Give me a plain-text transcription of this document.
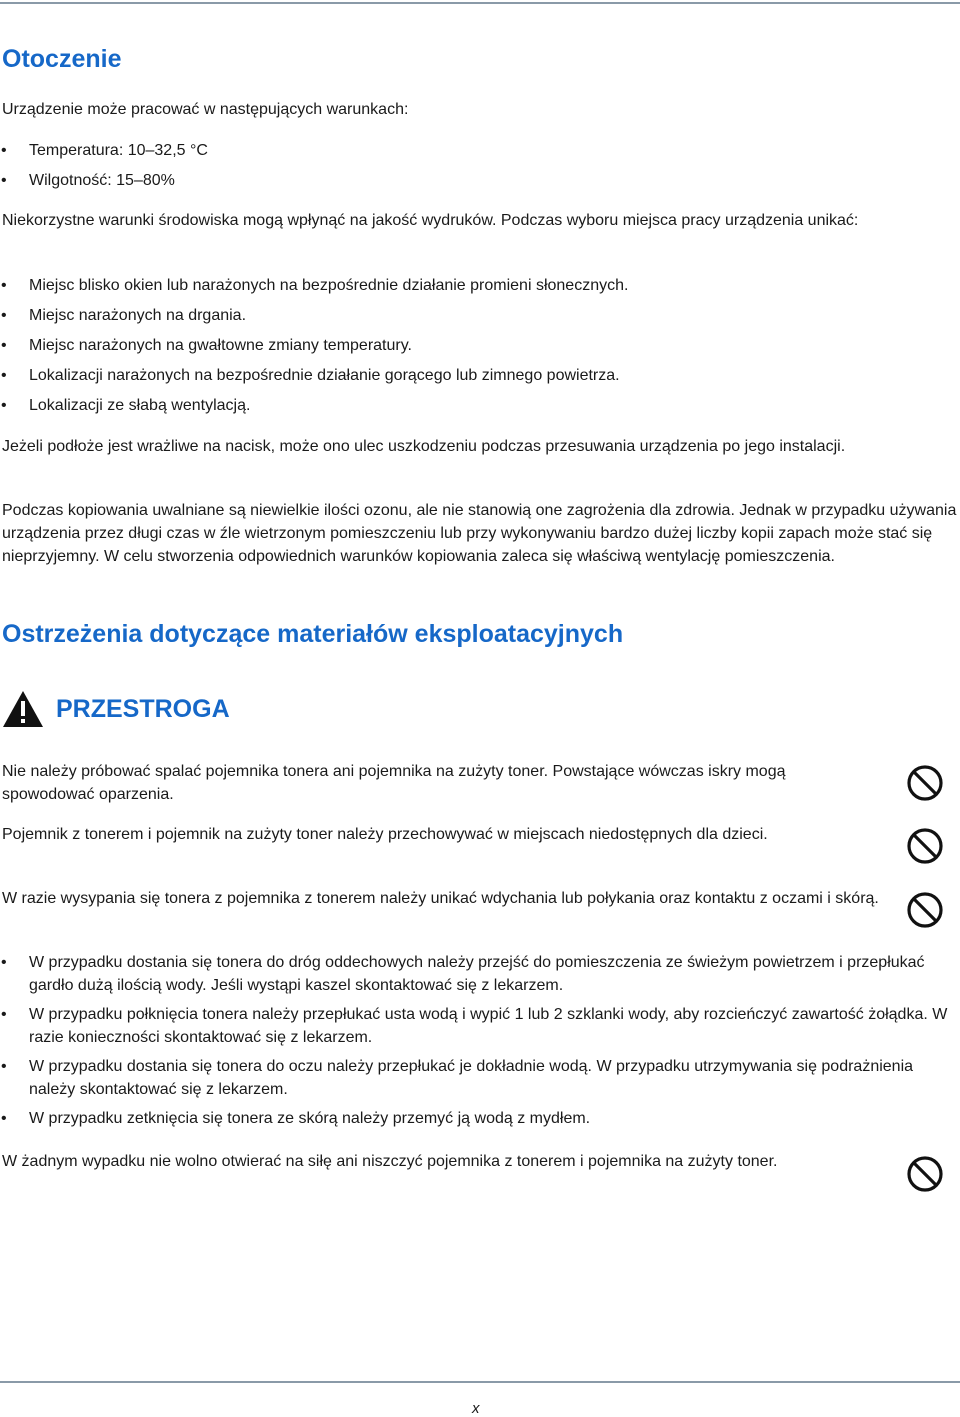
Otoczenie

Urządzenie może pracować w następujących warunkach:

• Temperatura: 10–32,5 °C
• Wilgotność: 15–80%

Niekorzystne warunki środowiska mogą wpłynąć na jakość wydruków. Podczas wyboru miejsca pracy urządzenia unikać:

• Miejsc blisko okien lub narażonych na bezpośrednie działanie promieni słonecznych.
• Miejsc narażonych na drgania.
• Miejsc narażonych na gwałtowne zmiany temperatury.
• Lokalizacji narażonych na bezpośrednie działanie gorącego lub zimnego powietrza.
• Lokalizacji ze słabą wentylacją.

Jeżeli podłoże jest wrażliwe na nacisk, może ono ulec uszkodzeniu podczas przesuwania urządzenia po jego instalacji.

Podczas kopiowania uwalniane są niewielkie ilości ozonu, ale nie stanowią one zagrożenia dla zdrowia. Jednak w przypadku używania urządzenia przez długi czas w źle wietrzonym pomieszczeniu lub przy wykonywaniu bardzo dużej liczby kopii zapach może stać się nieprzyjemny. W celu stworzenia odpowiednich warunków kopiowania zaleca się właściwą wentylację pomieszczenia.

Ostrzeżenia dotyczące materiałów eksploatacyjnych
PRZESTROGA

Nie należy próbować spalać pojemnika tonera ani pojemnika na zużyty toner. Powstające wówczas iskry mogą spowodować oparzenia.

Pojemnik z tonerem i pojemnik na zużyty toner należy przechowywać w miejscach niedostępnych dla dzieci.

W razie wysypania się tonera z pojemnika z tonerem należy unikać wdychania lub połykania oraz kontaktu z oczami i skórą.

• W przypadku dostania się tonera do dróg oddechowych należy przejść do pomieszczenia ze świeżym powietrzem i przepłukać gardło dużą ilością wody. Jeśli wystąpi kaszel skontaktować się z lekarzem.
• W przypadku połknięcia tonera należy przepłukać usta wodą i wypić 1 lub 2 szklanki wody, aby rozcieńczyć zawartość żołądka. W razie konieczności skontaktować się z lekarzem.
• W przypadku dostania się tonera do oczu należy przepłukać je dokładnie wodą. W przypadku utrzymywania się podrażnienia należy skontaktować się z lekarzem.
• W przypadku zetknięcia się tonera ze skórą należy przemyć ją wodą z mydłem.

W żadnym wypadku nie wolno otwierać na siłę ani niszczyć pojemnika z tonerem i pojemnika na zużyty toner.

x
